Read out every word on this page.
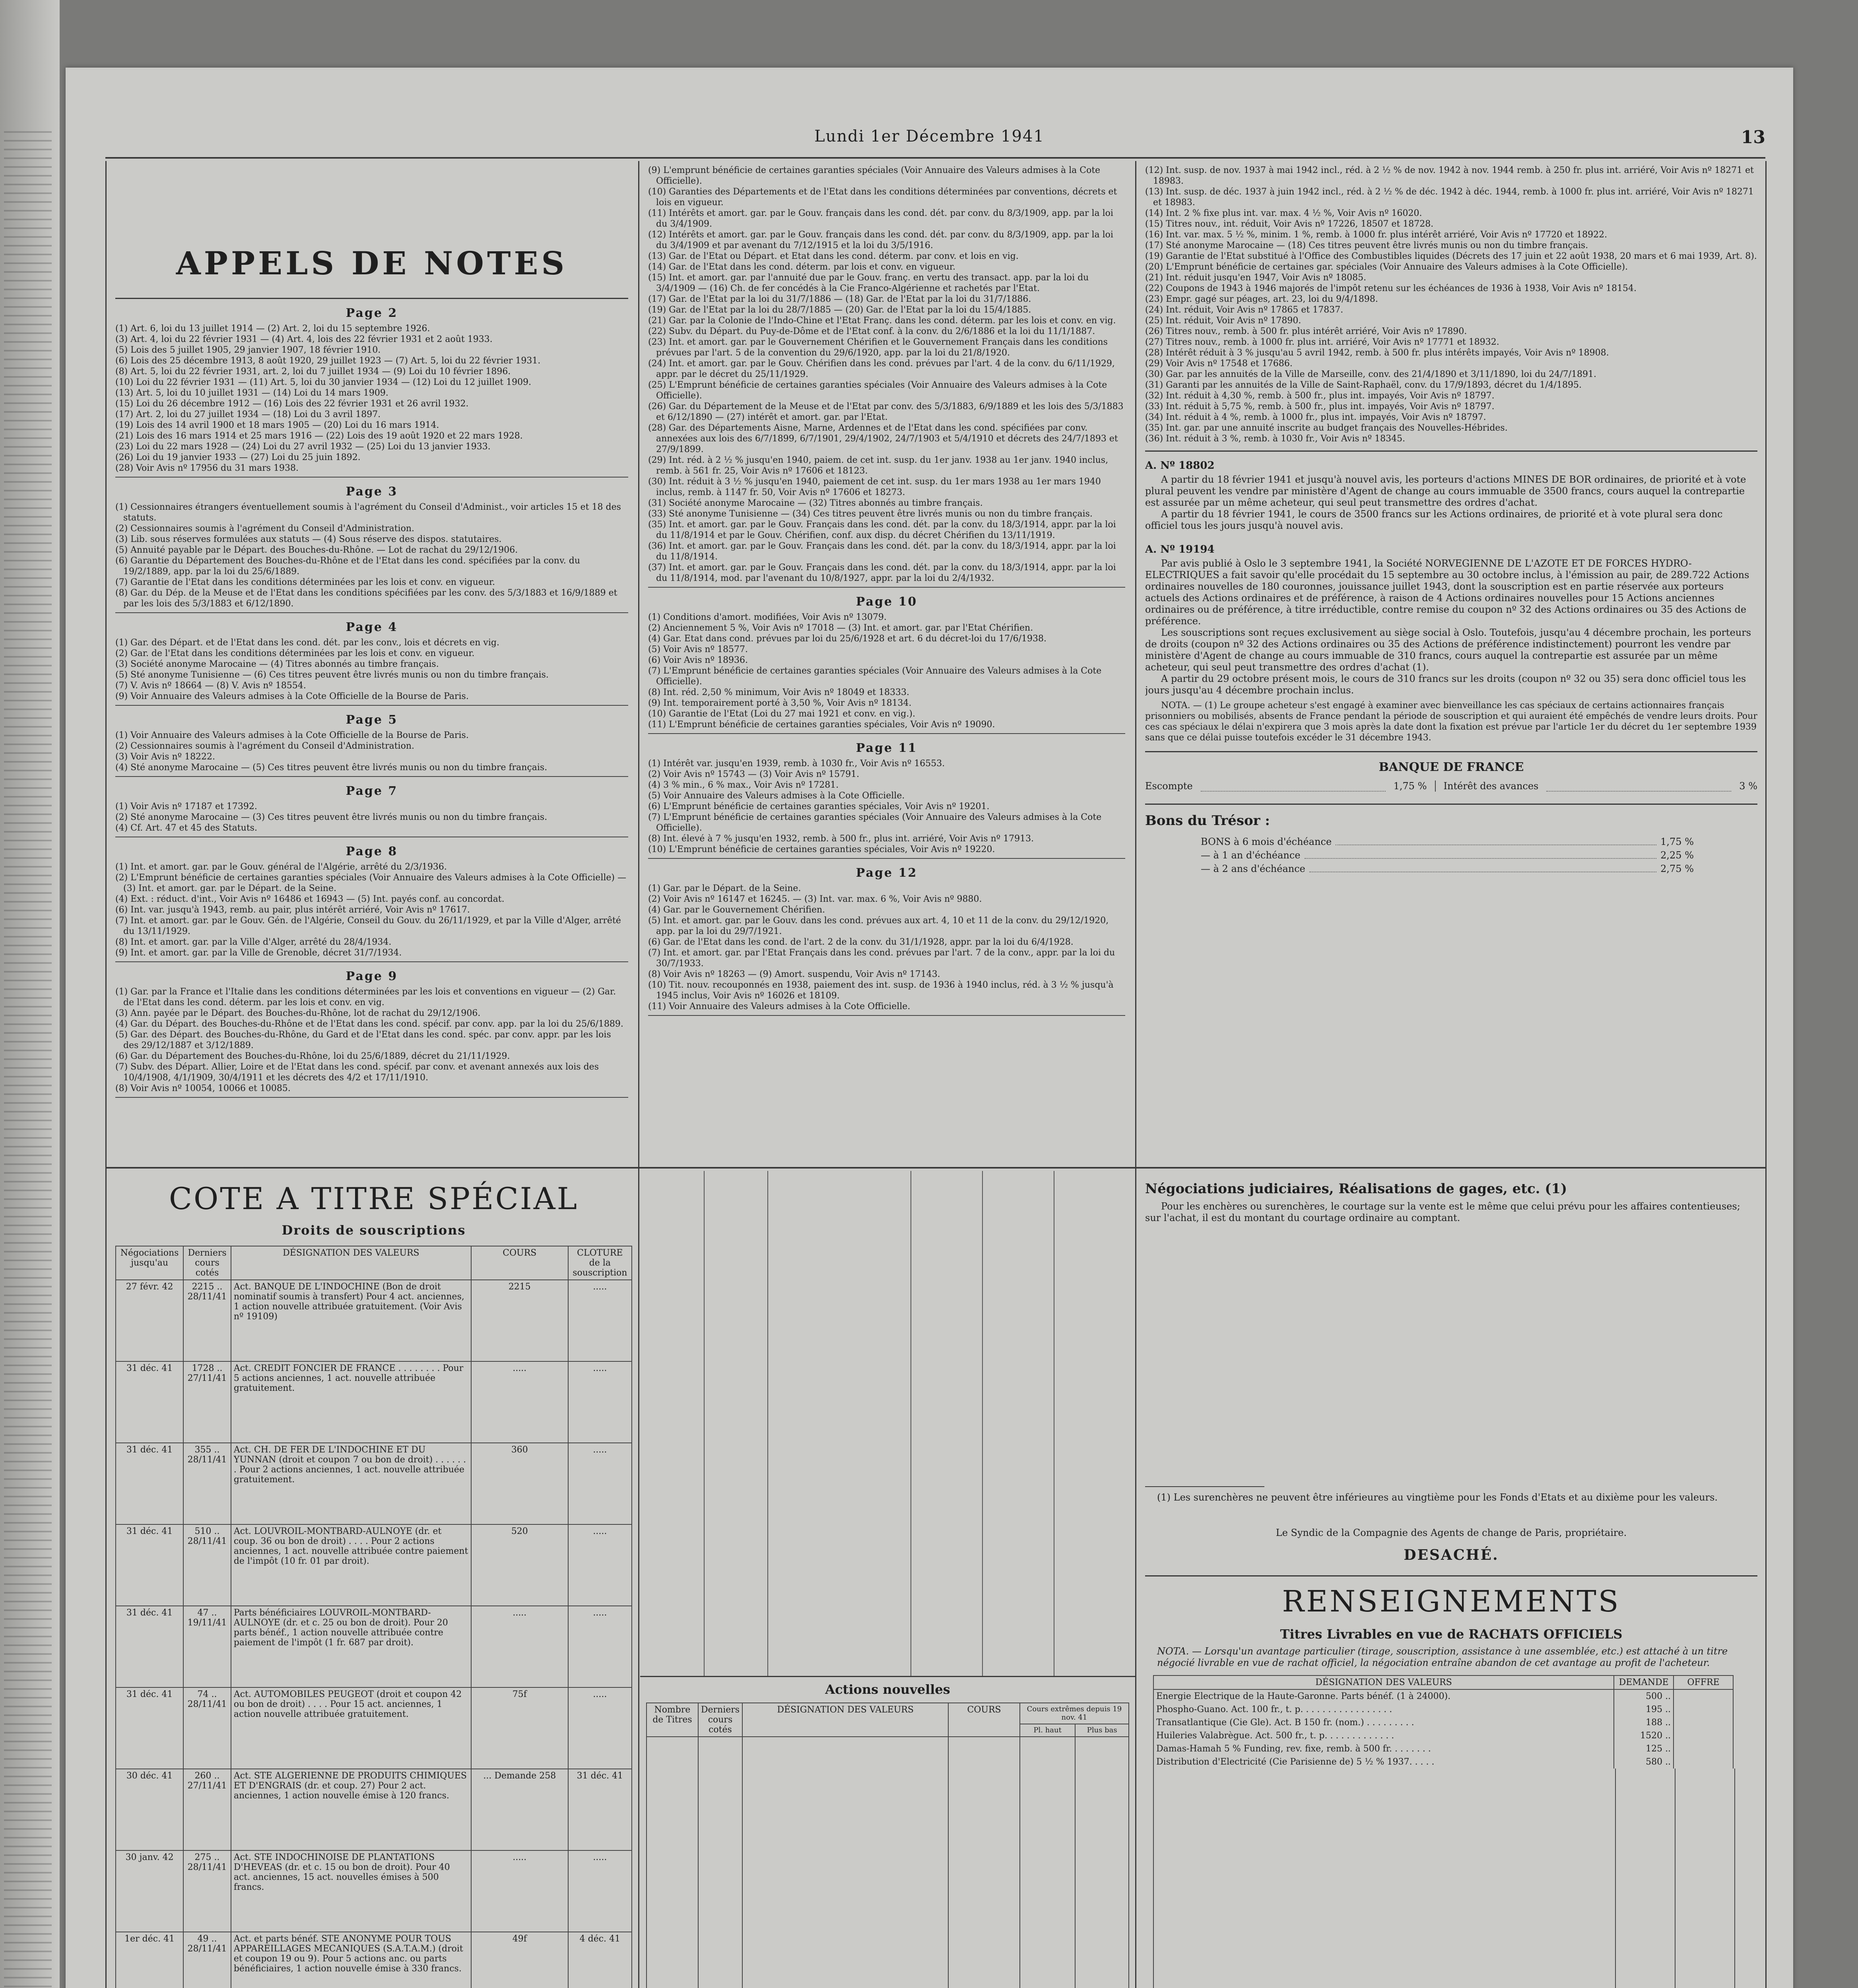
Lundi 1er Décembre 1941	13
APPELS DE NOTES
Page 2

(1) Art. 6, loi du 13 juillet 1914 — (2) Art. 2, loi du 15 septembre 1926.

(3) Art. 4, loi du 22 février 1931 — (4) Art. 4, lois des 22 février 1931 et 2 août 1933.

(5) Lois des 5 juillet 1905, 29 janvier 1907, 18 février 1910.

(6) Lois des 25 décembre 1913, 8 août 1920, 29 juillet 1923 — (7) Art. 5, loi du 22 février 1931.

(8) Art. 5, loi du 22 février 1931, art. 2, loi du 7 juillet 1934 — (9) Loi du 10 février 1896.

(10) Loi du 22 février 1931 — (11) Art. 5, loi du 30 janvier 1934 — (12) Loi du 12 juillet 1909.

(13) Art. 5, loi du 10 juillet 1931 — (14) Loi du 14 mars 1909.

(15) Loi du 26 décembre 1912 — (16) Lois des 22 février 1931 et 26 avril 1932.

(17) Art. 2, loi du 27 juillet 1934 — (18) Loi du 3 avril 1897.

(19) Lois des 14 avril 1900 et 18 mars 1905 — (20) Loi du 16 mars 1914.

(21) Lois des 16 mars 1914 et 25 mars 1916 — (22) Lois des 19 août 1920 et 22 mars 1928.

(23) Loi du 22 mars 1928 — (24) Loi du 27 avril 1932 — (25) Loi du 13 janvier 1933.

(26) Loi du 19 janvier 1933 — (27) Loi du 25 juin 1892.

(28) Voir Avis nº 17956 du 31 mars 1938.

Page 3

(1) Cessionnaires étrangers éventuellement soumis à l'agrément du Conseil d'Administ., voir articles 15 et 18 des statuts.

(2) Cessionnaires soumis à l'agrément du Conseil d'Administration.

(3) Lib. sous réserves formulées aux statuts — (4) Sous réserve des dispos. statutaires.

(5) Annuité payable par le Départ. des Bouches-du-Rhône. — Lot de rachat du 29/12/1906.

(6) Garantie du Département des Bouches-du-Rhône et de l'Etat dans les cond. spécifiées par la conv. du 19/2/1889, app. par la loi du 25/6/1889.

(7) Garantie de l'Etat dans les conditions déterminées par les lois et conv. en vigueur.

(8) Gar. du Dép. de la Meuse et de l'Etat dans les conditions spécifiées par les conv. des 5/3/1883 et 16/9/1889 et par les lois des 5/3/1883 et 6/12/1890.

Page 4

(1) Gar. des Départ. et de l'Etat dans les cond. dét. par les conv., lois et décrets en vig.

(2) Gar. de l'Etat dans les conditions déterminées par les lois et conv. en vigueur.

(3) Société anonyme Marocaine — (4) Titres abonnés au timbre français.

(5) Sté anonyme Tunisienne — (6) Ces titres peuvent être livrés munis ou non du timbre français.

(7) V. Avis nº 18664 — (8) V. Avis nº 18554.

(9) Voir Annuaire des Valeurs admises à la Cote Officielle de la Bourse de Paris.

Page 5

(1) Voir Annuaire des Valeurs admises à la Cote Officielle de la Bourse de Paris.

(2) Cessionnaires soumis à l'agrément du Conseil d'Administration.

(3) Voir Avis nº 18222.

(4) Sté anonyme Marocaine — (5) Ces titres peuvent être livrés munis ou non du timbre français.

Page 7

(1) Voir Avis nº 17187 et 17392.

(2) Sté anonyme Marocaine — (3) Ces titres peuvent être livrés munis ou non du timbre français.

(4) Cf. Art. 47 et 45 des Statuts.

Page 8

(1) Int. et amort. gar. par le Gouv. général de l'Algérie, arrêté du 2/3/1936.

(2) L'Emprunt bénéficie de certaines garanties spéciales (Voir Annuaire des Valeurs admises à la Cote Officielle) — (3) Int. et amort. gar. par le Départ. de la Seine.

(4) Ext. : réduct. d'int., Voir Avis nº 16486 et 16943 — (5) Int. payés conf. au concordat.

(6) Int. var. jusqu'à 1943, remb. au pair, plus intérêt arriéré, Voir Avis nº 17617.

(7) Int. et amort. gar. par le Gouv. Gén. de l'Algérie, Conseil du Gouv. du 26/11/1929, et par la Ville d'Alger, arrêté du 13/11/1929.

(8) Int. et amort. gar. par la Ville d'Alger, arrêté du 28/4/1934.

(9) Int. et amort. gar. par la Ville de Grenoble, décret 31/7/1934.

Page 9

(1) Gar. par la France et l'Italie dans les conditions déterminées par les lois et conventions en vigueur — (2) Gar. de l'Etat dans les cond. déterm. par les lois et conv. en vig.

(3) Ann. payée par le Départ. des Bouches-du-Rhône, lot de rachat du 29/12/1906.

(4) Gar. du Départ. des Bouches-du-Rhône et de l'Etat dans les cond. spécif. par conv. app. par la loi du 25/6/1889.

(5) Gar. des Départ. des Bouches-du-Rhône, du Gard et de l'Etat dans les cond. spéc. par conv. appr. par les lois des 29/12/1887 et 3/12/1889.

(6) Gar. du Département des Bouches-du-Rhône, loi du 25/6/1889, décret du 21/11/1929.

(7) Subv. des Départ. Allier, Loire et de l'Etat dans les cond. spécif. par conv. et avenant annexés aux lois des 10/4/1908, 4/1/1909, 30/4/1911 et les décrets des 4/2 et 17/11/1910.

(8) Voir Avis nº 10054, 10066 et 10085.

(9) L'emprunt bénéficie de certaines garanties spéciales (Voir Annuaire des Valeurs admises à la Cote Officielle).

(10) Garanties des Départements et de l'Etat dans les conditions déterminées par conventions, décrets et lois en vigueur.

(11) Intérêts et amort. gar. par le Gouv. français dans les cond. dét. par conv. du 8/3/1909, app. par la loi du 3/4/1909.

(12) Intérêts et amort. gar. par le Gouv. français dans les cond. dét. par conv. du 8/3/1909, app. par la loi du 3/4/1909 et par avenant du 7/12/1915 et la loi du 3/5/1916.

(13) Gar. de l'Etat ou Départ. et Etat dans les cond. déterm. par conv. et lois en vig.

(14) Gar. de l'Etat dans les cond. déterm. par lois et conv. en vigueur.

(15) Int. et amort. gar. par l'annuité due par le Gouv. franç. en vertu des transact. app. par la loi du 3/4/1909 — (16) Ch. de fer concédés à la Cie Franco-Algérienne et rachetés par l'Etat.

(17) Gar. de l'Etat par la loi du 31/7/1886 — (18) Gar. de l'Etat par la loi du 31/7/1886.

(19) Gar. de l'Etat par la loi du 28/7/1885 — (20) Gar. de l'Etat par la loi du 15/4/1885.

(21) Gar. par la Colonie de l'Indo-Chine et l'Etat Franç. dans les cond. déterm. par les lois et conv. en vig.

(22) Subv. du Départ. du Puy-de-Dôme et de l'Etat conf. à la conv. du 2/6/1886 et la loi du 11/1/1887.

(23) Int. et amort. gar. par le Gouvernement Chérifien et le Gouvernement Français dans les conditions prévues par l'art. 5 de la convention du 29/6/1920, app. par la loi du 21/8/1920.

(24) Int. et amort. gar. par le Gouv. Chérifien dans les cond. prévues par l'art. 4 de la conv. du 6/11/1929, appr. par le décret du 25/11/1929.

(25) L'Emprunt bénéficie de certaines garanties spéciales (Voir Annuaire des Valeurs admises à la Cote Officielle).

(26) Gar. du Département de la Meuse et de l'Etat par conv. des 5/3/1883, 6/9/1889 et les lois des 5/3/1883 et 6/12/1890 — (27) intérêt et amort. gar. par l'Etat.

(28) Gar. des Départements Aisne, Marne, Ardennes et de l'Etat dans les cond. spécifiées par conv. annexées aux lois des 6/7/1899, 6/7/1901, 29/4/1902, 24/7/1903 et 5/4/1910 et décrets des 24/7/1893 et 27/9/1899.

(29) Int. réd. à 2 ½ % jusqu'en 1940, paiem. de cet int. susp. du 1er janv. 1938 au 1er janv. 1940 inclus, remb. à 561 fr. 25, Voir Avis nº 17606 et 18123.

(30) Int. réduit à 3 ½ % jusqu'en 1940, paiement de cet int. susp. du 1er mars 1938 au 1er mars 1940 inclus, remb. à 1147 fr. 50, Voir Avis nº 17606 et 18273.

(31) Société anonyme Marocaine — (32) Titres abonnés au timbre français.

(33) Sté anonyme Tunisienne — (34) Ces titres peuvent être livrés munis ou non du timbre français.

(35) Int. et amort. gar. par le Gouv. Français dans les cond. dét. par la conv. du 18/3/1914, appr. par la loi du 11/8/1914 et par le Gouv. Chérifien, conf. aux disp. du décret Chérifien du 13/11/1919.

(36) Int. et amort. gar. par le Gouv. Français dans les cond. dét. par la conv. du 18/3/1914, appr. par la loi du 11/8/1914.

(37) Int. et amort. gar. par le Gouv. Français dans les cond. dét. par la conv. du 18/3/1914, appr. par la loi du 11/8/1914, mod. par l'avenant du 10/8/1927, appr. par la loi du 2/4/1932.

Page 10

(1) Conditions d'amort. modifiées, Voir Avis nº 13079.

(2) Anciennement 5 %, Voir Avis nº 17018 — (3) Int. et amort. gar. par l'Etat Chérifien.

(4) Gar. Etat dans cond. prévues par loi du 25/6/1928 et art. 6 du décret-loi du 17/6/1938.

(5) Voir Avis nº 18577.

(6) Voir Avis nº 18936.

(7) L'Emprunt bénéficie de certaines garanties spéciales (Voir Annuaire des Valeurs admises à la Cote Officielle).

(8) Int. réd. 2,50 % minimum, Voir Avis nº 18049 et 18333.

(9) Int. temporairement porté à 3,50 %, Voir Avis nº 18134.

(10) Garantie de l'Etat (Loi du 27 mai 1921 et conv. en vig.).

(11) L'Emprunt bénéficie de certaines garanties spéciales, Voir Avis nº 19090.

Page 11

(1) Intérêt var. jusqu'en 1939, remb. à 1030 fr., Voir Avis nº 16553.

(2) Voir Avis nº 15743 — (3) Voir Avis nº 15791.

(4) 3 % min., 6 % max., Voir Avis nº 17281.

(5) Voir Annuaire des Valeurs admises à la Cote Officielle.

(6) L'Emprunt bénéficie de certaines garanties spéciales, Voir Avis nº 19201.

(7) L'Emprunt bénéficie de certaines garanties spéciales (Voir Annuaire des Valeurs admises à la Cote Officielle).

(8) Int. élevé à 7 % jusqu'en 1932, remb. à 500 fr., plus int. arriéré, Voir Avis nº 17913.

(10) L'Emprunt bénéficie de certaines garanties spéciales, Voir Avis nº 19220.

Page 12

(1) Gar. par le Départ. de la Seine.

(2) Voir Avis nº 16147 et 16245. — (3) Int. var. max. 6 %, Voir Avis nº 9880.

(4) Gar. par le Gouvernement Chérifien.

(5) Int. et amort. gar. par le Gouv. dans les cond. prévues aux art. 4, 10 et 11 de la conv. du 29/12/1920, app. par la loi du 29/7/1921.

(6) Gar. de l'Etat dans les cond. de l'art. 2 de la conv. du 31/1/1928, appr. par la loi du 6/4/1928.

(7) Int. et amort. gar. par l'Etat Français dans les cond. prévues par l'art. 7 de la conv., appr. par la loi du 30/7/1933.

(8) Voir Avis nº 18263 — (9) Amort. suspendu, Voir Avis nº 17143.

(10) Tit. nouv. recouponnés en 1938, paiement des int. susp. de 1936 à 1940 inclus, réd. à 3 ½ % jusqu'à 1945 inclus, Voir Avis nº 16026 et 18109.

(11) Voir Annuaire des Valeurs admises à la Cote Officielle.

(12) Int. susp. de nov. 1937 à mai 1942 incl., réd. à 2 ½ % de nov. 1942 à nov. 1944 remb. à 250 fr. plus int. arriéré, Voir Avis nº 18271 et 18983.

(13) Int. susp. de déc. 1937 à juin 1942 incl., réd. à 2 ½ % de déc. 1942 à déc. 1944, remb. à 1000 fr. plus int. arriéré, Voir Avis nº 18271 et 18983.

(14) Int. 2 % fixe plus int. var. max. 4 ½ %, Voir Avis nº 16020.

(15) Titres nouv., int. réduit, Voir Avis nº 17226, 18507 et 18728.

(16) Int. var. max. 5 ½ %, minim. 1 %, remb. à 1000 fr. plus intérêt arriéré, Voir Avis nº 17720 et 18922.

(17) Sté anonyme Marocaine — (18) Ces titres peuvent être livrés munis ou non du timbre français.

(19) Garantie de l'Etat substitué à l'Office des Combustibles liquides (Décrets des 17 juin et 22 août 1938, 20 mars et 6 mai 1939, Art. 8).

(20) L'Emprunt bénéficie de certaines gar. spéciales (Voir Annuaire des Valeurs admises à la Cote Officielle).

(21) Int. réduit jusqu'en 1947, Voir Avis nº 18085.

(22) Coupons de 1943 à 1946 majorés de l'impôt retenu sur les échéances de 1936 à 1938, Voir Avis nº 18154.

(23) Empr. gagé sur péages, art. 23, loi du 9/4/1898.

(24) Int. réduit, Voir Avis nº 17865 et 17837.

(25) Int. réduit, Voir Avis nº 17890.

(26) Titres nouv., remb. à 500 fr. plus intérêt arriéré, Voir Avis nº 17890.

(27) Titres nouv., remb. à 1000 fr. plus int. arriéré, Voir Avis nº 17771 et 18932.

(28) Intérêt réduit à 3 % jusqu'au 5 avril 1942, remb. à 500 fr. plus intérêts impayés, Voir Avis nº 18908.

(29) Voir Avis nº 17548 et 17686.

(30) Gar. par les annuités de la Ville de Marseille, conv. des 21/4/1890 et 3/11/1890, loi du 24/7/1891.

(31) Garanti par les annuités de la Ville de Saint-Raphaël, conv. du 17/9/1893, décret du 1/4/1895.

(32) Int. réduit à 4,30 %, remb. à 500 fr., plus int. impayés, Voir Avis nº 18797.

(33) Int. réduit à 5,75 %, remb. à 500 fr., plus int. impayés, Voir Avis nº 18797.

(34) Int. réduit à 4 %, remb. à 1000 fr., plus int. impayés, Voir Avis nº 18797.

(35) Int. gar. par une annuité inscrite au budget français des Nouvelles-Hébrides.

(36) Int. réduit à 3 %, remb. à 1030 fr., Voir Avis nº 18345.

A. Nº 18802

A partir du 18 février 1941 et jusqu'à nouvel avis, les porteurs d'actions MINES DE BOR ordinaires, de priorité et à vote plural peuvent les vendre par ministère d'Agent de change au cours immuable de 3500 francs, cours auquel la contrepartie est assurée par un même acheteur, qui seul peut transmettre des ordres d'achat.

A partir du 18 février 1941, le cours de 3500 francs sur les Actions ordinaires, de priorité et à vote plural sera donc officiel tous les jours jusqu'à nouvel avis.

A. Nº 19194

Par avis publié à Oslo le 3 septembre 1941, la Société NORVEGIENNE DE L'AZOTE ET DE FORCES HYDRO-ELECTRIQUES a fait savoir qu'elle procédait du 15 septembre au 30 octobre inclus, à l'émission au pair, de 289.722 Actions ordinaires nouvelles de 180 couronnes, jouissance juillet 1943, dont la souscription est en partie réservée aux porteurs actuels des Actions ordinaires et de préférence, à raison de 4 Actions ordinaires nouvelles pour 15 Actions anciennes ordinaires ou de préférence, à titre irréductible, contre remise du coupon nº 32 des Actions ordinaires ou 35 des Actions de préférence.

Les souscriptions sont reçues exclusivement au siège social à Oslo. Toutefois, jusqu'au 4 décembre prochain, les porteurs de droits (coupon nº 32 des Actions ordinaires ou 35 des Actions de préférence indistinctement) pourront les vendre par ministère d'Agent de change au cours immuable de 310 francs, cours auquel la contrepartie est assurée par un même acheteur, qui seul peut transmettre des ordres d'achat (1).

A partir du 29 octobre présent mois, le cours de 310 francs sur les droits (coupon nº 32 ou 35) sera donc officiel tous les jours jusqu'au 4 décembre prochain inclus.

NOTA. — (1) Le groupe acheteur s'est engagé à examiner avec bienveillance les cas spéciaux de certains actionnaires français prisonniers ou mobilisés, absents de France pendant la période de souscription et qui auraient été empêchés de vendre leurs droits. Pour ces cas spéciaux le délai n'expirera que 3 mois après la date dont la fixation est prévue par l'article 1er du décret du 1er septembre 1939 sans que ce délai puisse toutefois excéder le 31 décembre 1943.

BANQUE DE FRANCE
Escompte	1,75 %	Intérêt des avances	3 %
Bons du Trésor :
BONS à 6 mois d'échéance	1,75 %
— à 1 an d'échéance	2,25 %
— à 2 ans d'échéance	2,75 %
COTE A TITRE SPÉCIAL
Droits de souscriptions
Négociations jusqu'au	Derniers cours cotés	DÉSIGNATION DES VALEURS	COURS	CLOTURE de la souscription
27 févr. 42	2215 .. 28/11/41	Act. BANQUE DE L'INDOCHINE (Bon de droit nominatif soumis à transfert) Pour 4 act. anciennes, 1 action nouvelle attribuée gratuitement. (Voir Avis nº 19109)	2215	.....
31 déc. 41	1728 .. 27/11/41	Act. CREDIT FONCIER DE FRANCE . . . . . . . . Pour 5 actions anciennes, 1 act. nouvelle attribuée gratuitement.	.....	.....
31 déc. 41	355 .. 28/11/41	Act. CH. DE FER DE L'INDOCHINE ET DU YUNNAN (droit et coupon 7 ou bon de droit) . . . . . . . Pour 2 actions anciennes, 1 act. nouvelle attribuée gratuitement.	360	.....
31 déc. 41	510 .. 28/11/41	Act. LOUVROIL-MONTBARD-AULNOYE (dr. et coup. 36 ou bon de droit) . . . . Pour 2 actions anciennes, 1 act. nouvelle attribuée contre paiement de l'impôt (10 fr. 01 par droit).	520	.....
31 déc. 41	47 .. 19/11/41	Parts bénéficiaires LOUVROIL-MONTBARD-AULNOYE (dr. et c. 25 ou bon de droit). Pour 20 parts bénéf., 1 action nouvelle attribuée contre paiement de l'impôt (1 fr. 687 par droit).	.....	.....
31 déc. 41	74 .. 28/11/41	Act. AUTOMOBILES PEUGEOT (droit et coupon 42 ou bon de droit) . . . . Pour 15 act. anciennes, 1 action nouvelle attribuée gratuitement.	75f	.....
30 déc. 41	260 .. 27/11/41	Act. STE ALGERIENNE DE PRODUITS CHIMIQUES ET D'ENGRAIS (dr. et coup. 27) Pour 2 act. anciennes, 1 action nouvelle émise à 120 francs.	... Demande 258	31 déc. 41
30 janv. 42	275 .. 28/11/41	Act. STE INDOCHINOISE DE PLANTATIONS D'HEVEAS (dr. et c. 15 ou bon de droit). Pour 40 act. anciennes, 15 act. nouvelles émises à 500 francs.	.....	.....
1er déc. 41	49 .. 28/11/41	Act. et parts bénéf. STE ANONYME POUR TOUS APPAREILLAGES MECANIQUES (S.A.T.A.M.) (droit et coupon 19 ou 9). Pour 5 actions anc. ou parts bénéficiaires, 1 action nouvelle émise à 330 francs.	49f	4 déc. 41
Actions nouvelles
Nombre de Titres	Derniers cours cotés	DÉSIGNATION DES VALEURS	COURS	Cours extrêmes depuis 19 nov. 41	
				Pl. haut	Plus bas

Négociations judiciaires, Réalisations de gages, etc. (1)

Pour les enchères ou surenchères, le courtage sur la vente est le même que celui prévu pour les affaires contentieuses; sur l'achat, il est du montant du courtage ordinaire au comptant.

(1) Les surenchères ne peuvent être inférieures au vingtième pour les Fonds d'Etats et au dixième pour les valeurs.

Le Syndic de la Compagnie des Agents de change de Paris, propriétaire.
DESACHÉ.
RENSEIGNEMENTS
Titres Livrables en vue de RACHATS OFFICIELS

NOTA. — Lorsqu'un avantage particulier (tirage, souscription, assistance à une assemblée, etc.) est attaché à un titre négocié livrable en vue de rachat officiel, la négociation entraîne abandon de cet avantage au profit de l'acheteur.

DÉSIGNATION DES VALEURS	DEMANDE	OFFRE
Energie Electrique de la Haute-Garonne. Parts bénéf. (1 à 24000).	500 ..	
Phospho-Guano. Act. 100 fr., t. p. . . . . . . . . . . . . . . . .	195 ..	
Transatlantique (Cie Gle). Act. B 150 fr. (nom.) . . . . . . . . .	188 ..	
Huileries Valabrègue. Act. 500 fr., t. p. . . . . . . . . . . . .	1520 ..	
Damas-Hamah 5 % Funding, rev. fixe, remb. à 500 fr. . . . . . . .	125 ..	
Distribution d'Electricité (Cie Parisienne de) 5 ½ % 1937. . . . .	580 ..	
